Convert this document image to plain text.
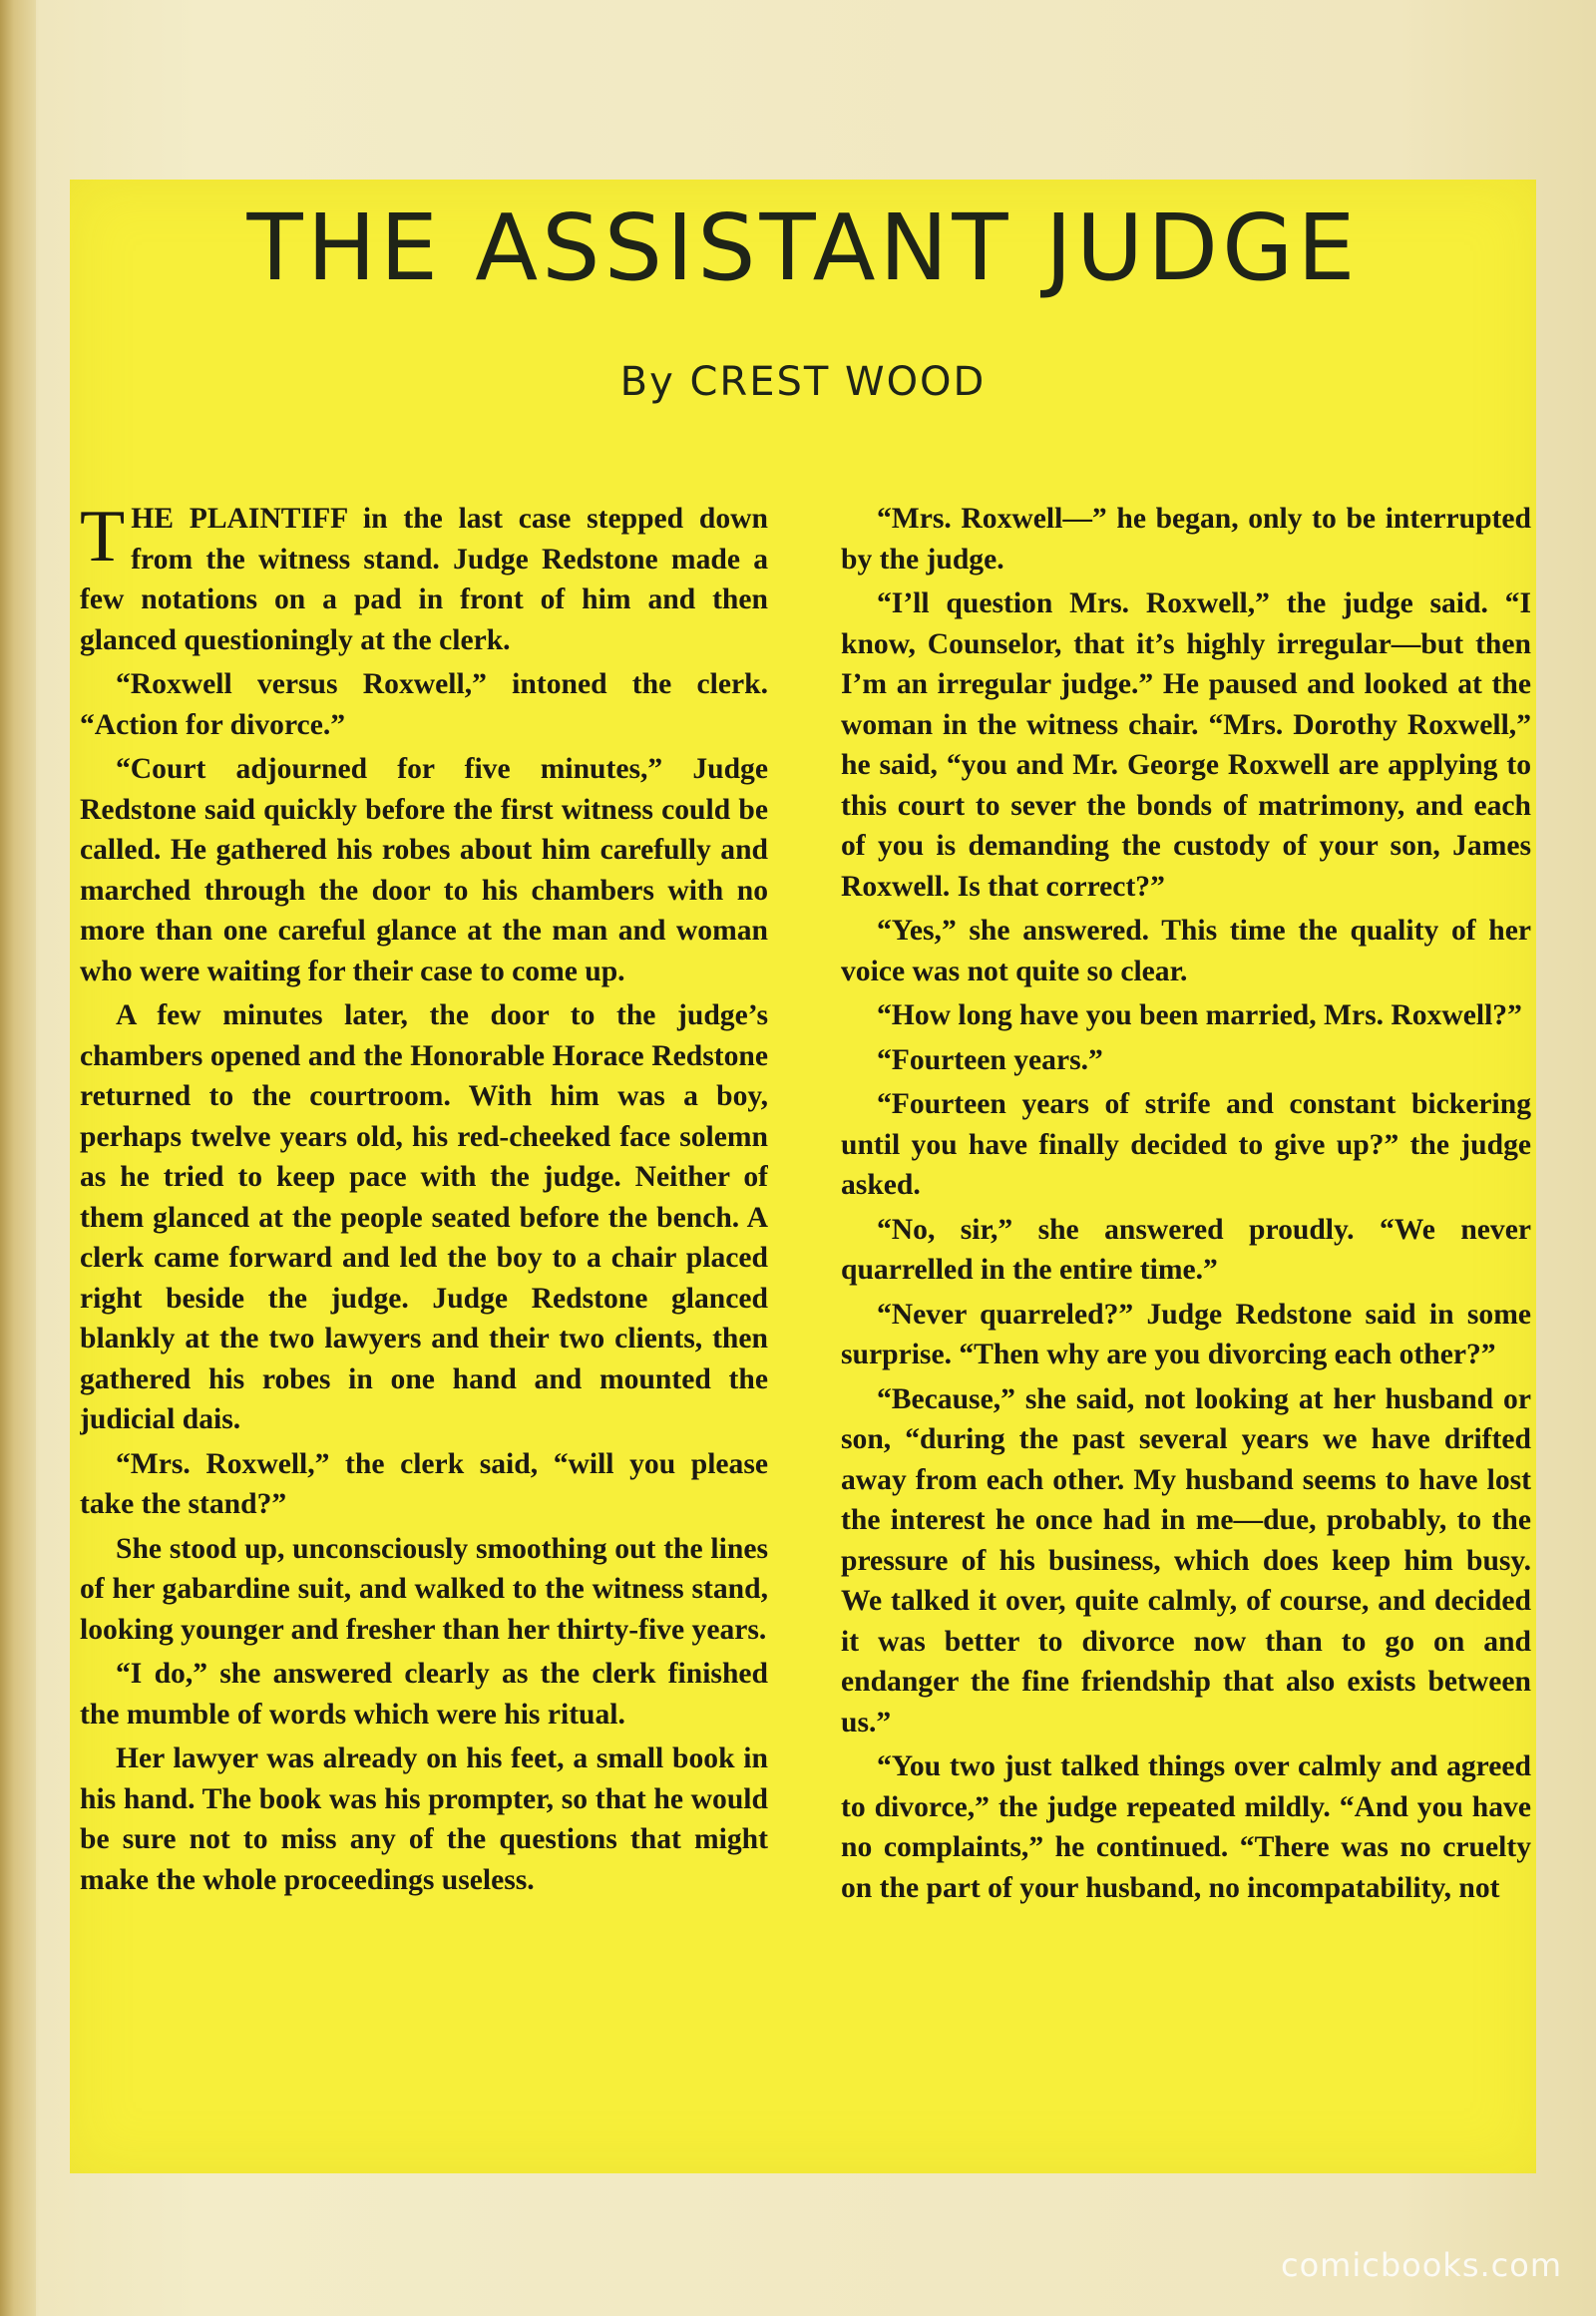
THE ASSISTANT JUDGE
By CREST WOOD

THE PLAINTIFF in the last case stepped down from the witness stand. Judge Redstone made a few notations on a pad in front of him and then glanced questioningly at the clerk.

“Roxwell versus Roxwell,” intoned the clerk. “Action for divorce.”

“Court adjourned for five minutes,” Judge Redstone said quickly before the first witness could be called. He gathered his robes about him carefully and marched through the door to his chambers with no more than one careful glance at the man and woman who were waiting for their case to come up.

A few minutes later, the door to the judge’s chambers opened and the Honorable Horace Redstone returned to the courtroom. With him was a boy, perhaps twelve years old, his red-cheeked face solemn as he tried to keep pace with the judge. Neither of them glanced at the people seated before the bench. A clerk came forward and led the boy to a chair placed right beside the judge. Judge Redstone glanced blankly at the two lawyers and their two clients, then gathered his robes in one hand and mounted the judicial dais.

“Mrs. Roxwell,” the clerk said, “will you please take the stand?”

She stood up, unconsciously smoothing out the lines of her gabardine suit, and walked to the witness stand, looking younger and fresher than her thirty-five years.

“I do,” she answered clearly as the clerk finished the mumble of words which were his ritual.

Her lawyer was already on his feet, a small book in his hand. The book was his prompter, so that he would be sure not to miss any of the questions that might make the whole proceedings useless.

“Mrs. Roxwell—” he began, only to be interrupted by the judge.

“I’ll question Mrs. Roxwell,” the judge said. “I know, Counselor, that it’s highly irregular—but then I’m an irregular judge.” He paused and looked at the woman in the witness chair. “Mrs. Dorothy Roxwell,” he said, “you and Mr. George Roxwell are applying to this court to sever the bonds of matrimony, and each of you is demanding the custody of your son, James Roxwell. Is that correct?”

“Yes,” she answered. This time the quality of her voice was not quite so clear.

“How long have you been married, Mrs. Roxwell?”

“Fourteen years.”

“Fourteen years of strife and constant bickering until you have finally decided to give up?” the judge asked.

“No, sir,” she answered proudly. “We never quarrelled in the entire time.”

“Never quarreled?” Judge Redstone said in some surprise. “Then why are you divorcing each other?”

“Because,” she said, not looking at her husband or son, “during the past several years we have drifted away from each other. My husband seems to have lost the interest he once had in me—due, probably, to the pressure of his business, which does keep him busy. We talked it over, quite calmly, of course, and decided it was better to divorce now than to go on and endanger the fine friendship that also exists between us.”

“You two just talked things over calmly and agreed to divorce,” the judge repeated mildly. “And you have no complaints,” he continued. “There was no cruelty on the part of your husband, no incompatability, not

comicbooks.com
